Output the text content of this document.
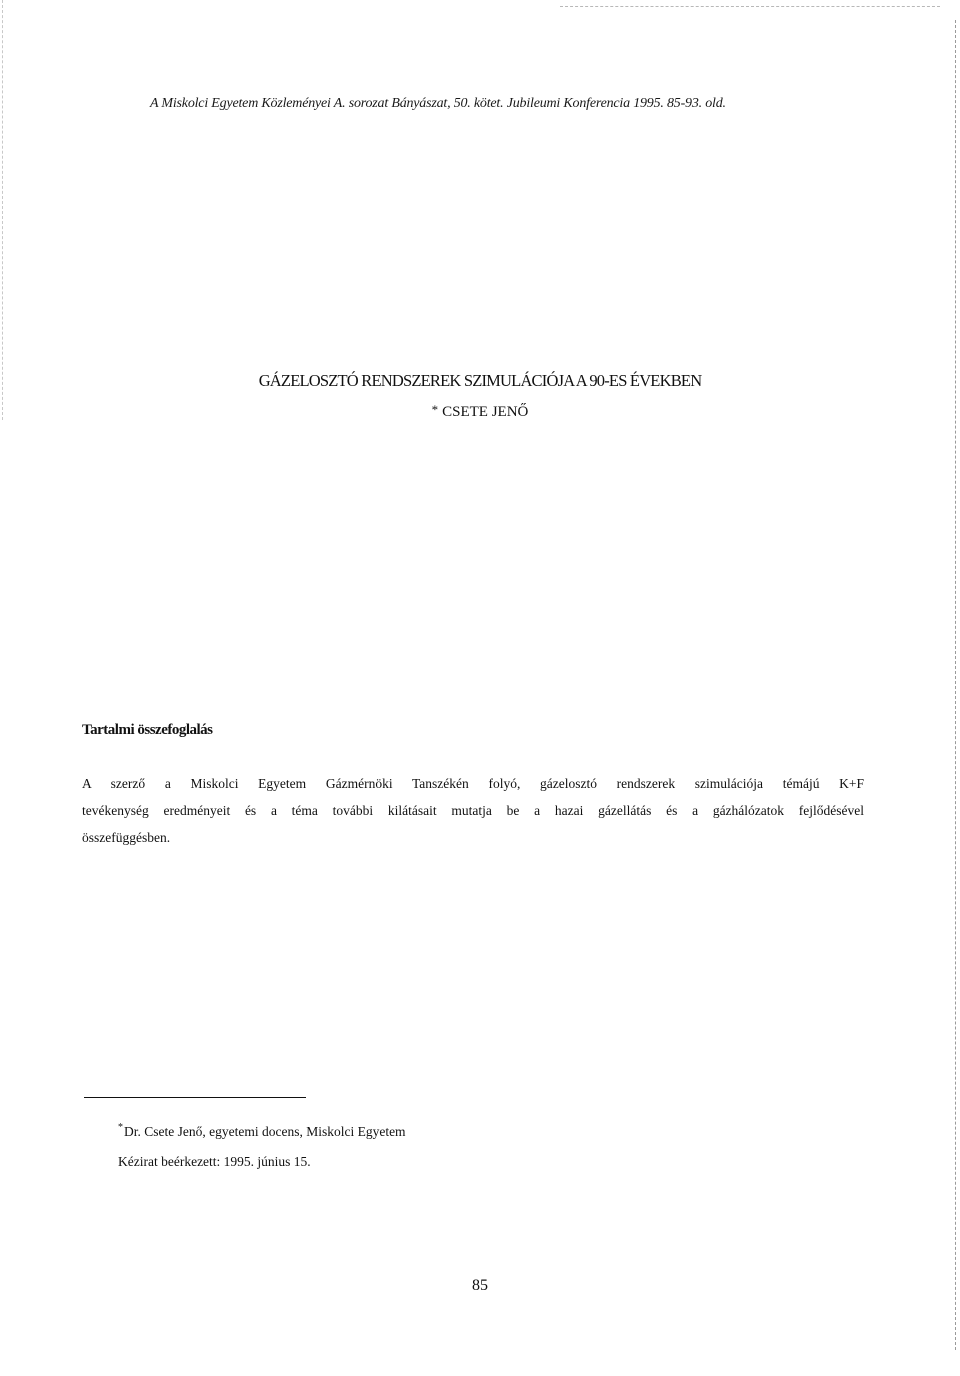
A Miskolci Egyetem Közleményei A. sorozat Bányászat, 50. kötet. Jubileumi Konferencia 1995. 85-93. old.
GÁZELOSZTÓ RENDSZEREK SZIMULÁCIÓJA A 90-ES ÉVEKBEN
* CSETE JENŐ
Tartalmi összefoglalás
A szerző a Miskolci Egyetem Gázmérnöki Tanszékén folyó, gázelosztó rendszerek szimulációja témájú K+F
tevékenység eredményeit és a téma további kilátásait mutatja be a hazai gázellátás és a gázhálózatok fejlődésével
összefüggésben.
*Dr. Csete Jenő, egyetemi docens, Miskolci Egyetem
Kézirat beérkezett: 1995. június 15.
85
